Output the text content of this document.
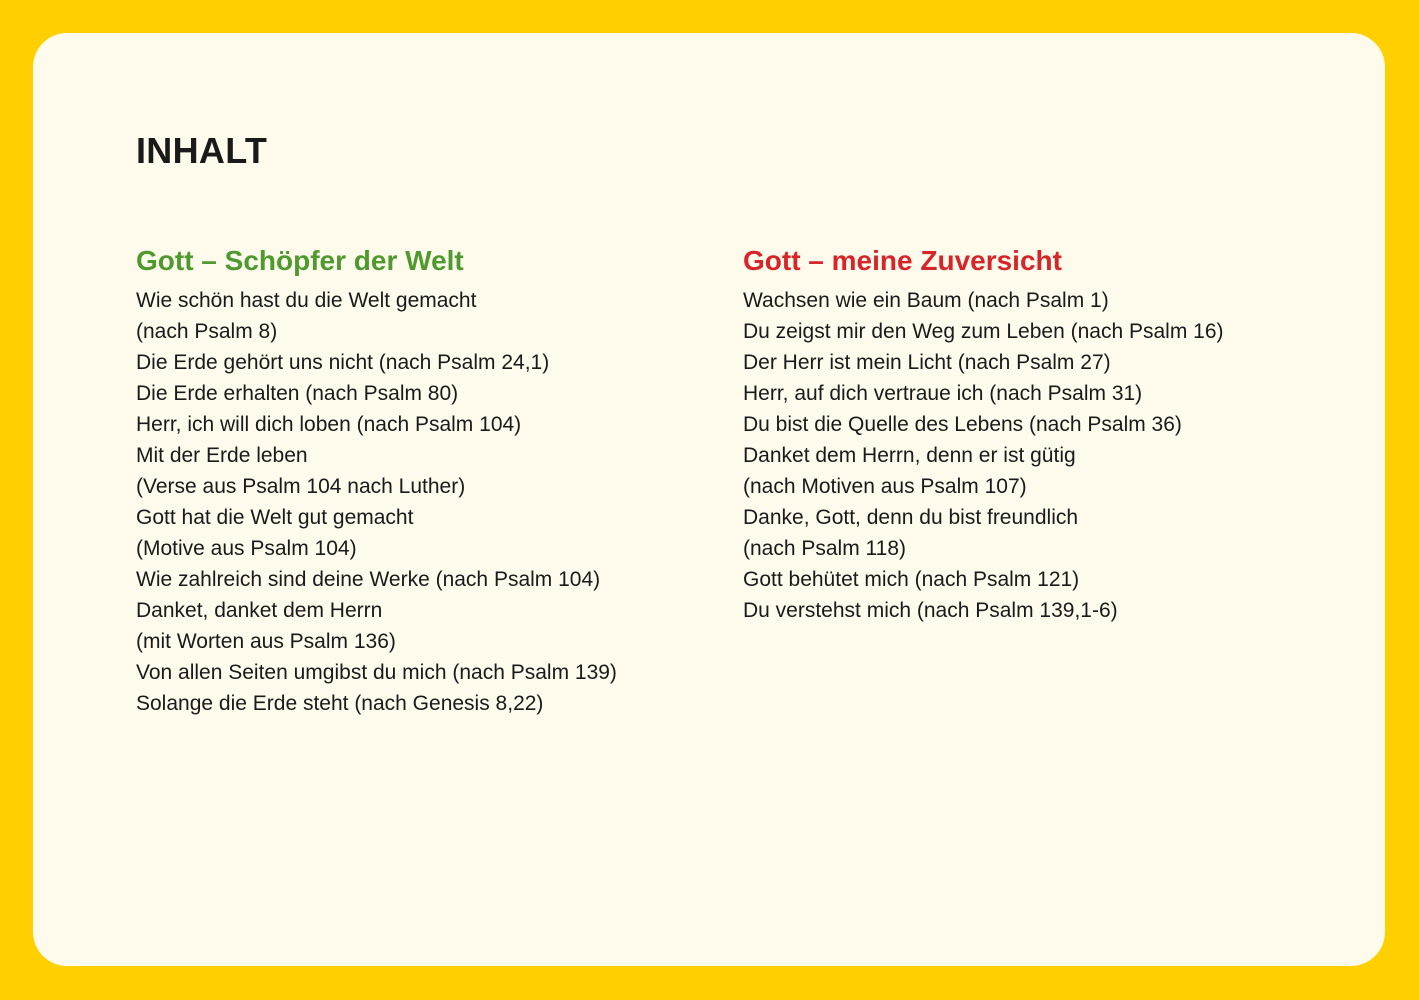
INHALT
Gott – Schöpfer der Welt
Wie schön hast du die Welt gemacht
(nach Psalm 8)
Die Erde gehört uns nicht (nach Psalm 24,1)
Die Erde erhalten (nach Psalm 80)
Herr, ich will dich loben (nach Psalm 104)
Mit der Erde leben
(Verse aus Psalm 104 nach Luther)
Gott hat die Welt gut gemacht
(Motive aus Psalm 104)
Wie zahlreich sind deine Werke (nach Psalm 104)
Danket, danket dem Herrn
(mit Worten aus Psalm 136)
Von allen Seiten umgibst du mich (nach Psalm 139)
Solange die Erde steht (nach Genesis 8,22)
Gott – meine Zuversicht
Wachsen wie ein Baum (nach Psalm 1)
Du zeigst mir den Weg zum Leben (nach Psalm 16)
Der Herr ist mein Licht (nach Psalm 27)
Herr, auf dich vertraue ich (nach Psalm 31)
Du bist die Quelle des Lebens (nach Psalm 36)
Danket dem Herrn, denn er ist gütig
(nach Motiven aus Psalm 107)
Danke, Gott, denn du bist freundlich
(nach Psalm 118)
Gott behütet mich (nach Psalm 121)
Du verstehst mich (nach Psalm 139,1-6)
